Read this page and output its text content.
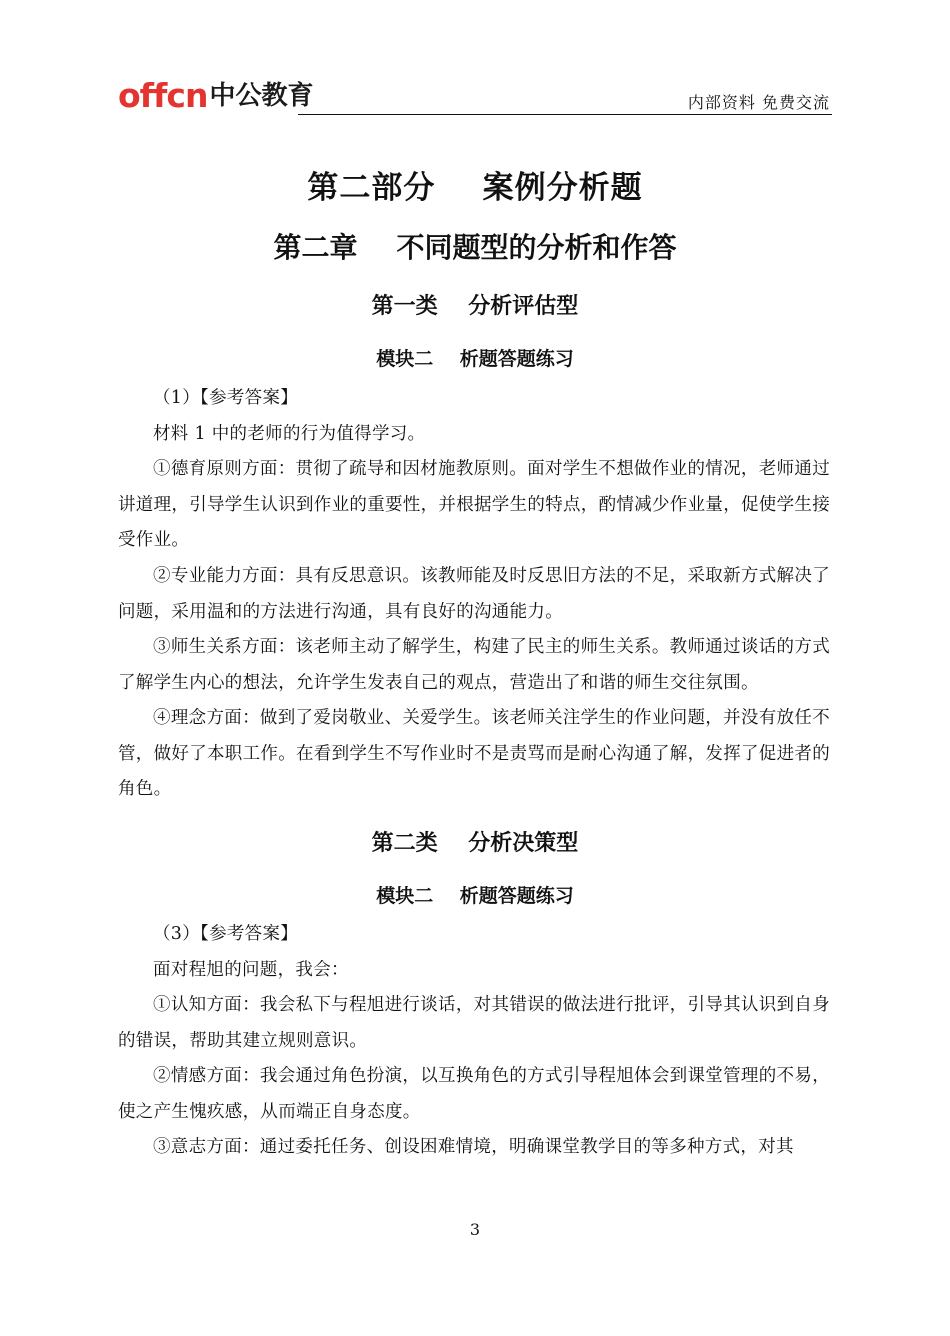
offcn 中公教育	内部资料 免费交流
第二部分    案例分析题
第二章    不同题型的分析和作答
第一类    分析评估型
模块二    析题答题练习

（1）【参考答案】

材料 1 中的老师的行为值得学习。

①德育原则方面：贯彻了疏导和因材施教原则。面对学生不想做作业的情况，老师通过讲道理，引导学生认识到作业的重要性，并根据学生的特点，酌情减少作业量，促使学生接受作业。

②专业能力方面：具有反思意识。该教师能及时反思旧方法的不足，采取新方式解决了问题，采用温和的方法进行沟通，具有良好的沟通能力。

③师生关系方面：该老师主动了解学生，构建了民主的师生关系。教师通过谈话的方式了解学生内心的想法，允许学生发表自己的观点，营造出了和谐的师生交往氛围。

④理念方面：做到了爱岗敬业、关爱学生。该老师关注学生的作业问题，并没有放任不管，做好了本职工作。在看到学生不写作业时不是责骂而是耐心沟通了解，发挥了促进者的角色。

第二类    分析决策型
模块二    析题答题练习

（3）【参考答案】

面对程旭的问题，我会：

①认知方面：我会私下与程旭进行谈话，对其错误的做法进行批评，引导其认识到自身的错误，帮助其建立规则意识。

②情感方面：我会通过角色扮演，以互换角色的方式引导程旭体会到课堂管理的不易，使之产生愧疚感，从而端正自身态度。

③意志方面：通过委托任务、创设困难情境，明确课堂教学目的等多种方式，对其

3
